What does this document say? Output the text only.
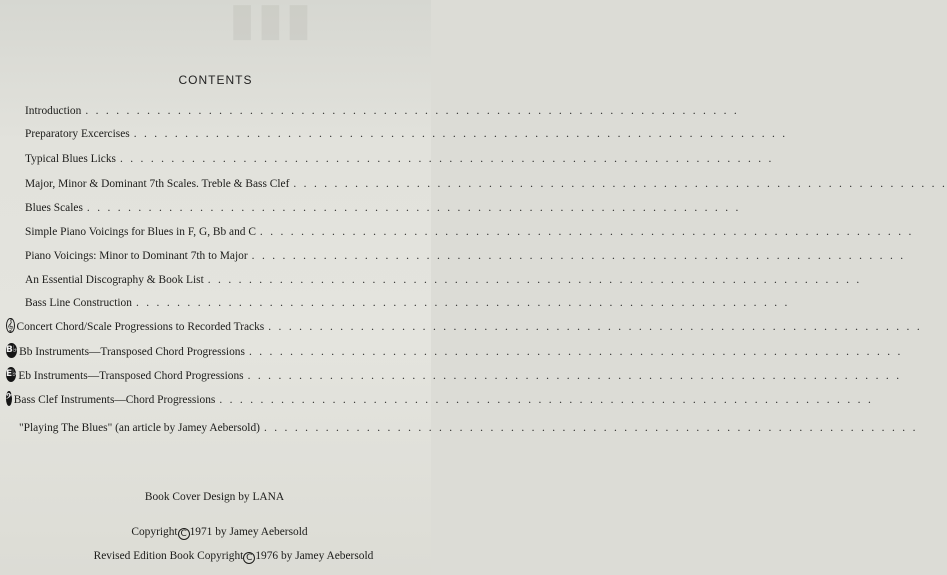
▮▮▮
CONTENTS
Introduction . . . . . . . . . . . . . . . . . . . . . . . . . . . . . . . . . . . . . . . . . . . . . . . . . . . . . . . . . . . . . . . .
Preparatory Excercises . . . . . . . . . . . . . . . . . . . . . . . . . . . . . . . . . . . . . . . . . . . . . . . . . . . . . . . . . . . . . . . .
Typical Blues Licks . . . . . . . . . . . . . . . . . . . . . . . . . . . . . . . . . . . . . . . . . . . . . . . . . . . . . . . . . . . . . . . .
Major, Minor & Dominant 7th Scales. Treble & Bass Clef . . . . . . . . . . . . . . . . . . . . . . . . . . . . . . . . . . . . . . . . . . . . . . . . . . . . . . . . . . . . . . . .
Blues Scales . . . . . . . . . . . . . . . . . . . . . . . . . . . . . . . . . . . . . . . . . . . . . . . . . . . . . . . . . . . . . . . .
Simple Piano Voicings for Blues in F, G, Bb and C . . . . . . . . . . . . . . . . . . . . . . . . . . . . . . . . . . . . . . . . . . . . . . . . . . . . . . . . . . . . . . . .
Piano Voicings: Minor to Dominant 7th to Major . . . . . . . . . . . . . . . . . . . . . . . . . . . . . . . . . . . . . . . . . . . . . . . . . . . . . . . . . . . . . . . .
An Essential Discography & Book List . . . . . . . . . . . . . . . . . . . . . . . . . . . . . . . . . . . . . . . . . . . . . . . . . . . . . . . . . . . . . . . .
Bass Line Construction . . . . . . . . . . . . . . . . . . . . . . . . . . . . . . . . . . . . . . . . . . . . . . . . . . . . . . . . . . . . . . . .
𝄞 Concert Chord/Scale Progressions to Recorded Tracks . . . . . . . . . . . . . . . . . . . . . . . . . . . . . . . . . . . . . . . . . . . . . . . . . . . . . . . . . . . . . . . .
B♭ Bb Instruments—Transposed Chord Progressions . . . . . . . . . . . . . . . . . . . . . . . . . . . . . . . . . . . . . . . . . . . . . . . . . . . . . . . . . . . . . . . .
E♭ Eb Instruments—Transposed Chord Progressions . . . . . . . . . . . . . . . . . . . . . . . . . . . . . . . . . . . . . . . . . . . . . . . . . . . . . . . . . . . . . . . .
𝄢 Bass Clef Instruments—Chord Progressions . . . . . . . . . . . . . . . . . . . . . . . . . . . . . . . . . . . . . . . . . . . . . . . . . . . . . . . . . . . . . . . .
"Playing The Blues" (an article by Jamey Aebersold) . . . . . . . . . . . . . . . . . . . . . . . . . . . . . . . . . . . . . . . . . . . . . . . . . . . . . . . . . . . . . . . .
Book Cover Design by LANA
Copyright C 1971 by Jamey Aebersold
Revised Edition Book Copyright C 1976 by Jamey Aebersold
